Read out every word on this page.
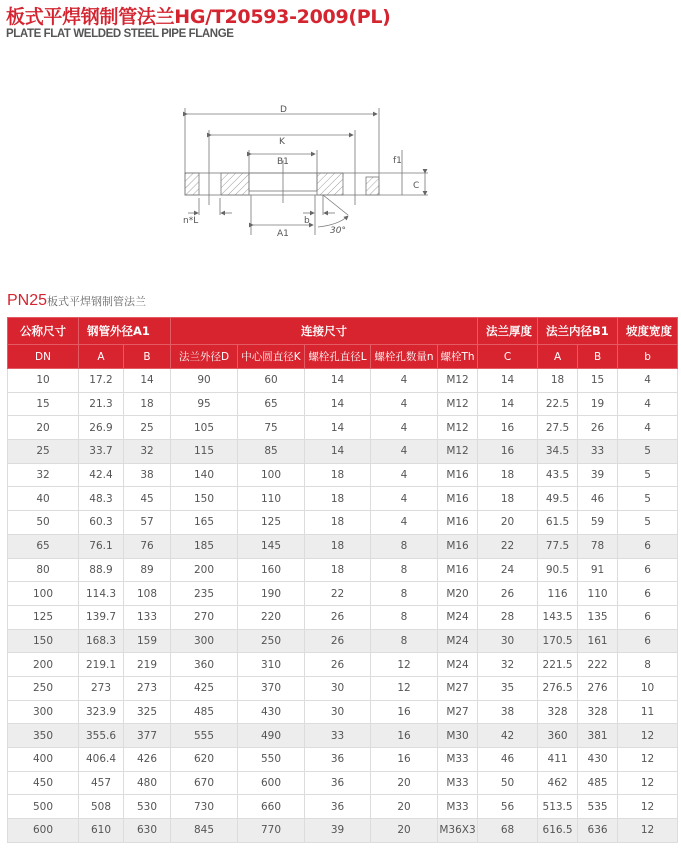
板式平焊钢制管法兰HG/T20593-2009(PL)
PLATE FLAT WELDED STEEL PIPE FLANGE
D
K
B1	f1
C
n*L	b
A1	30°
PN25板式平焊钢制管法兰
公称尺寸	钢管外径A1		连接尺寸					法兰厚度	法兰内径B1		坡度宽度
DN	A	B	法兰外径D	中心圆直径K	螺栓孔直径L	螺栓孔数量n	螺栓Th	C	A	B	b
10	17.2	14	90	60	14	4	M12	14	18	15	4
15	21.3	18	95	65	14	4	M12	14	22.5	19	4
20	26.9	25	105	75	14	4	M12	16	27.5	26	4
25	33.7	32	115	85	14	4	M12	16	34.5	33	5
32	42.4	38	140	100	18	4	M16	18	43.5	39	5
40	48.3	45	150	110	18	4	M16	18	49.5	46	5
50	60.3	57	165	125	18	4	M16	20	61.5	59	5
65	76.1	76	185	145	18	8	M16	22	77.5	78	6
80	88.9	89	200	160	18	8	M16	24	90.5	91	6
100	114.3	108	235	190	22	8	M20	26	116	110	6
125	139.7	133	270	220	26	8	M24	28	143.5	135	6
150	168.3	159	300	250	26	8	M24	30	170.5	161	6
200	219.1	219	360	310	26	12	M24	32	221.5	222	8
250	273	273	425	370	30	12	M27	35	276.5	276	10
300	323.9	325	485	430	30	16	M27	38	328	328	11
350	355.6	377	555	490	33	16	M30	42	360	381	12
400	406.4	426	620	550	36	16	M33	46	411	430	12
450	457	480	670	600	36	20	M33	50	462	485	12
500	508	530	730	660	36	20	M33	56	513.5	535	12
600	610	630	845	770	39	20	M36X3	68	616.5	636	12
